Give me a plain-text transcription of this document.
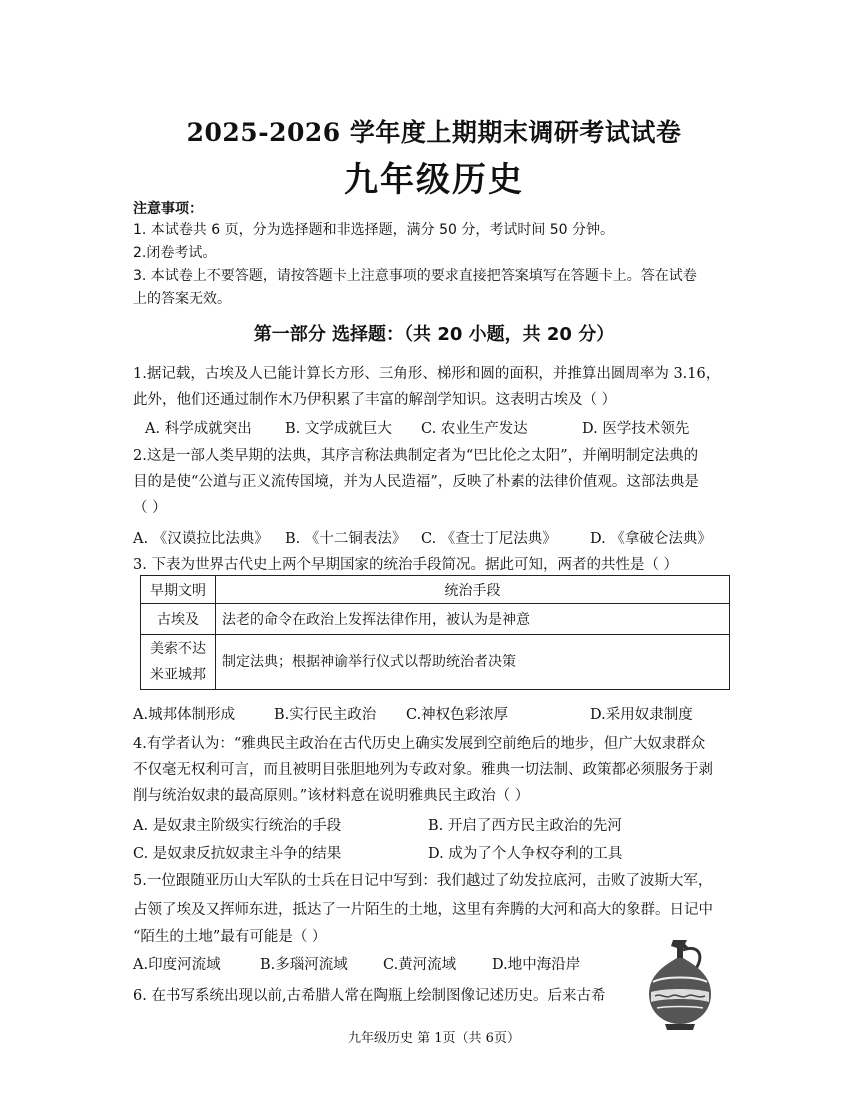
2025-2026 学年度上期期末调研考试试卷
九年级历史
注意事项：
1. 本试卷共 6 页，分为选择题和非选择题，满分 50 分，考试时间 50 分钟。
2.闭卷考试。
3. 本试卷上不要答题，请按答题卡上注意事项的要求直接把答案填写在答题卡上。答在试卷
上的答案无效。
第一部分 选择题：（共 20 小题，共 20 分）
1.据记载，古埃及人已能计算长方形、三角形、梯形和圆的面积，并推算出圆周率为 3.16，
此外，他们还通过制作木乃伊积累了丰富的解剖学知识。这表明古埃及（ ）
A. 科学成就突出 B. 文学成就巨大 C. 农业生产发达	D. 医学技术领先
2.这是一部人类早期的法典，其序言称法典制定者为“巴比伦之太阳”，并阐明制定法典的
目的是使“公道与正义流传国境，并为人民造福”，反映了朴素的法律价值观。这部法典是
（ ）
A. 《汉谟拉比法典》 B. 《十二铜表法》 C. 《查士丁尼法典》 D. 《拿破仑法典》
3. 下表为世界古代史上两个早期国家的统治手段简况。据此可知，两者的共性是（ ）
早期文明	统治手段
古埃及	法老的命令在政治上发挥法律作用，被认为是神意

美索不达
米亚城邦	制定法典；根据神谕举行仪式以帮助统治者决策
A.城邦体制形成	B.实行民主政治 C.神权色彩浓厚	D.采用奴隶制度
4.有学者认为：“雅典民主政治在古代历史上确实发展到空前绝后的地步，但广大奴隶群众
不仅毫无权利可言，而且被明目张胆地列为专政对象。雅典一切法制、政策都必须服务于剥
削与统治奴隶的最高原则。”该材料意在说明雅典民主政治（ ）
A. 是奴隶主阶级实行统治的手段	B. 开启了西方民主政治的先河
C. 是奴隶反抗奴隶主斗争的结果	D. 成为了个人争权夺利的工具
5.一位跟随亚历山大军队的士兵在日记中写到：我们越过了幼发拉底河，击败了波斯大军，
占领了埃及又挥师东进，抵达了一片陌生的土地，这里有奔腾的大河和高大的象群。日记中
“陌生的土地”最有可能是（ ）
A.印度河流域	B.多瑙河流域 C.黄河流域 D.地中海沿岸
6. 在书写系统出现以前,古希腊人常在陶瓶上绘制图像记述历史。后来古希
九年级历史 第 1页（共 6页）
